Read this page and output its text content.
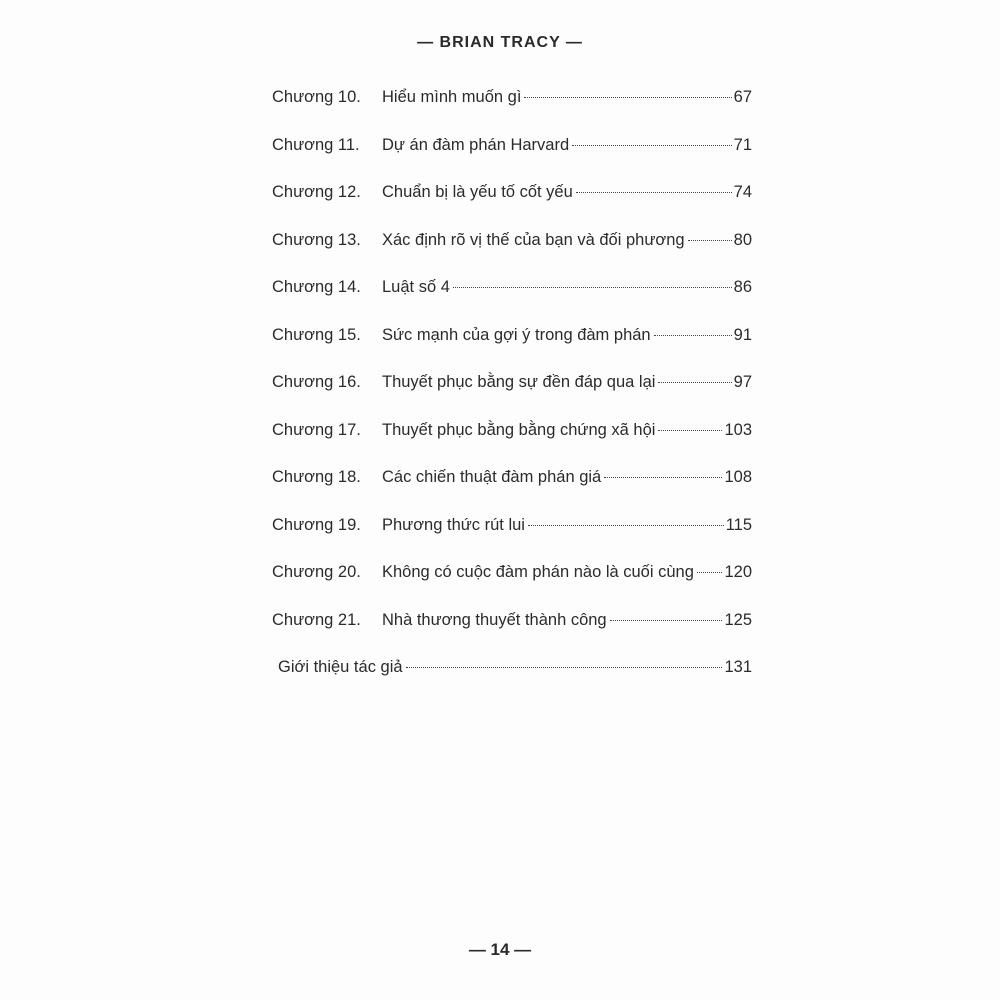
— BRIAN TRACY —
Chương 10.	Hiểu mình muốn gì	67
Chương 11.	Dự án đàm phán Harvard	71
Chương 12.	Chuẩn bị là yếu tố cốt yếu	74
Chương 13.	Xác định rõ vị thế của bạn và đối phương	80
Chương 14.	Luật số 4	86
Chương 15.	Sức mạnh của gợi ý trong đàm phán	91
Chương 16.	Thuyết phục bằng sự đền đáp qua lại	97
Chương 17.	Thuyết phục bằng bằng chứng xã hội	103
Chương 18.	Các chiến thuật đàm phán giá	108
Chương 19.	Phương thức rút lui	115
Chương 20.	Không có cuộc đàm phán nào là cuối cùng 120
Chương 21.	Nhà thương thuyết thành công	125
Giới thiệu tác giả	131
— 14 —
